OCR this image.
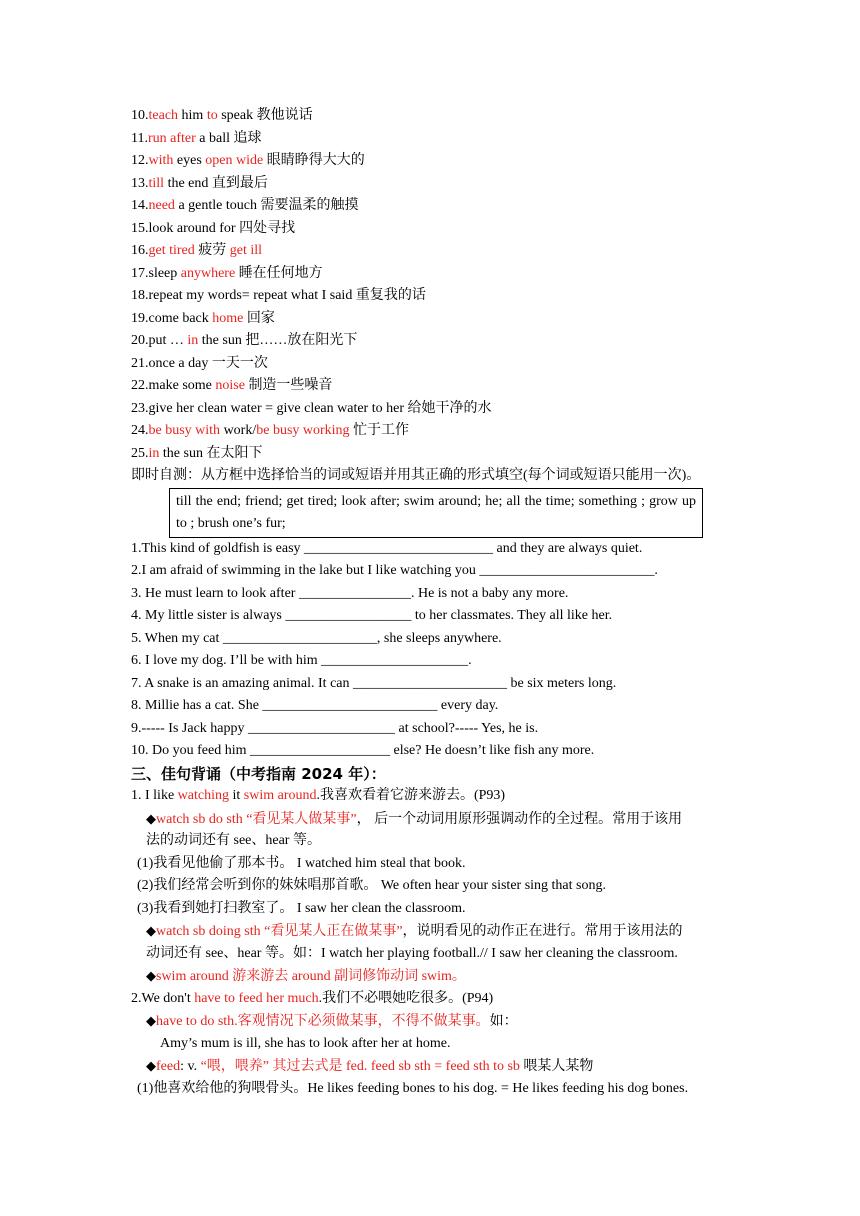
10.teach him to speak 教他说话
11.run after a ball 追球
12.with eyes open wide 眼睛睁得大大的
13.till the end 直到最后
14.need a gentle touch 需要温柔的触摸
15.look around for 四处寻找
16.get tired 疲劳 get ill
17.sleep anywhere 睡在任何地方
18.repeat my words= repeat what I said 重复我的话
19.come back home 回家
20.put … in the sun 把……放在阳光下
21.once a day 一天一次
22.make some noise 制造一些噪音
23.give her clean water = give clean water to her 给她干净的水
24.be busy with work/be busy working 忙于工作
25.in the sun 在太阳下
即时自测：从方框中选择恰当的词或短语并用其正确的形式填空(每个词或短语只能用一次)。
till the end; friend; get tired; look after; swim around; he; all the time; something ; grow up to ; brush one’s fur;
1.This kind of goldfish is easy ___________________________ and they are always quiet.
2.I am afraid of swimming in the lake but I like watching you _________________________.
3. He must learn to look after ________________. He is not a baby any more.
4. My little sister is always __________________ to her classmates. They all like her.
5. When my cat ______________________, she sleeps anywhere.
6. I love my dog. I’ll be with him _____________________.
7. A snake is an amazing animal. It can ______________________ be six meters long.
8. Millie has a cat. She _________________________ every day.
9.----- Is Jack happy _____________________ at school?----- Yes, he is.
10. Do you feed him ____________________ else? He doesn’t like fish any more.
三、佳句背诵（中考指南 2024 年）：
1. I like watching it swim around.我喜欢看着它游来游去。(P93)
◆watch sb do sth “看见某人做某事”， 后一个动词用原形强调动作的全过程。常用于该用
法的动词还有 see、hear 等。
(1)我看见他偷了那本书。 I watched him steal that book.
(2)我们经常会听到你的妹妹唱那首歌。 We often hear your sister sing that song.
(3)我看到她打扫教室了。 I saw her clean the classroom.
◆watch sb doing sth “看见某人正在做某事”，说明看见的动作正在进行。常用于该用法的
动词还有 see、hear 等。如：I watch her playing football.// I saw her cleaning the classroom.
◆swim around 游来游去 around 副词修饰动词 swim。
2.We don't have to feed her much.我们不必喂她吃很多。(P94)
◆have to do sth.客观情况下必须做某事，不得不做某事。如：
Amy’s mum is ill, she has to look after her at home.
◆feed: v. “喂，喂养” 其过去式是 fed. feed sb sth = feed sth to sb 喂某人某物
(1)他喜欢给他的狗喂骨头。He likes feeding bones to his dog. = He likes feeding his dog bones.
